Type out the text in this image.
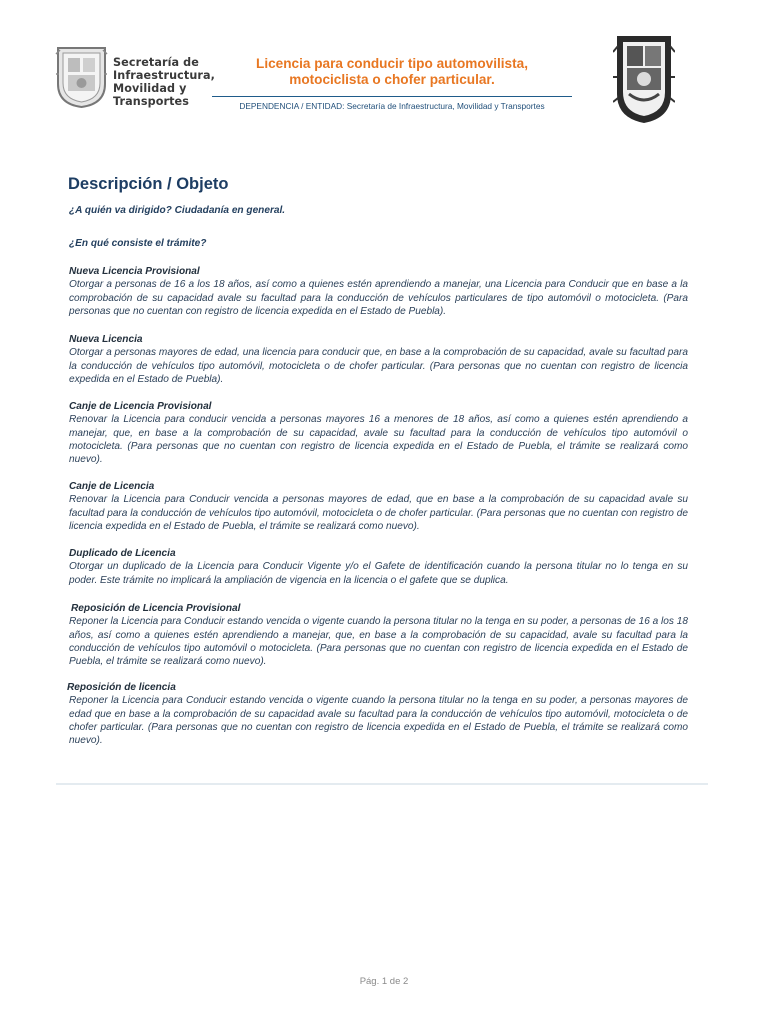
Secretaría de
Infraestructura,
Movilidad y
Transportes
Licencia para conducir tipo automovilista,
motociclista o chofer particular.
DEPENDENCIA / ENTIDAD: Secretaría de Infraestructura, Movilidad y Transportes
Descripción / Objeto

¿A quién va dirigido? Ciudadanía en general.

¿En qué consiste el trámite?

Nueva Licencia Provisional

Otorgar a personas de 16 a los 18 años, así como a quienes estén aprendiendo a manejar, una Licencia para Conducir que en base a la comprobación de su capacidad avale su facultad para la conducción de vehículos particulares de tipo automóvil o motocicleta. (Para personas que no cuentan con registro de licencia expedida en el Estado de Puebla).

Nueva Licencia

Otorgar a personas mayores de edad, una licencia para conducir que, en base a la comprobación de su capacidad, avale su facultad para la conducción de vehículos tipo automóvil, motocicleta o de chofer particular. (Para personas que no cuentan con registro de licencia expedida en el Estado de Puebla).

Canje de Licencia Provisional

Renovar la Licencia para conducir vencida a personas mayores 16 a menores de 18 años, así como a quienes estén aprendiendo a manejar, que, en base a la comprobación de su capacidad, avale su facultad para la conducción de vehículos tipo automóvil o motocicleta. (Para personas que no cuentan con registro de licencia expedida en el Estado de Puebla, el trámite se realizará como nuevo).

Canje de Licencia

Renovar la Licencia para Conducir vencida a personas mayores de edad, que en base a la comprobación de su capacidad avale su facultad para la conducción de vehículos tipo automóvil, motocicleta o de chofer particular. (Para personas que no cuentan con registro de licencia expedida en el Estado de Puebla, el trámite se realizará como nuevo).

Duplicado de Licencia

Otorgar un duplicado de la Licencia para Conducir Vigente y/o el Gafete de identificación cuando la persona titular no lo tenga en su poder. Este trámite no implicará la ampliación de vigencia en la licencia o el gafete que se duplica.

Reposición de Licencia Provisional

Reponer la Licencia para Conducir estando vencida o vigente cuando la persona titular no la tenga en su poder, a personas de 16 a los 18 años, así como a quienes estén aprendiendo a manejar, que, en base a la comprobación de su capacidad, avale su facultad para la conducción de vehículos tipo automóvil o motocicleta. (Para personas que no cuentan con registro de licencia expedida en el Estado de Puebla, el trámite se realizará como nuevo).

Reposición de licencia

Reponer la Licencia para Conducir estando vencida o vigente cuando la persona titular no la tenga en su poder, a personas mayores de edad que en base a la comprobación de su capacidad avale su facultad para la conducción de vehículos tipo automóvil, motocicleta o de chofer particular. (Para personas que no cuentan con registro de licencia expedida en el Estado de Puebla, el trámite se realizará como nuevo).

Pág. 1 de 2
